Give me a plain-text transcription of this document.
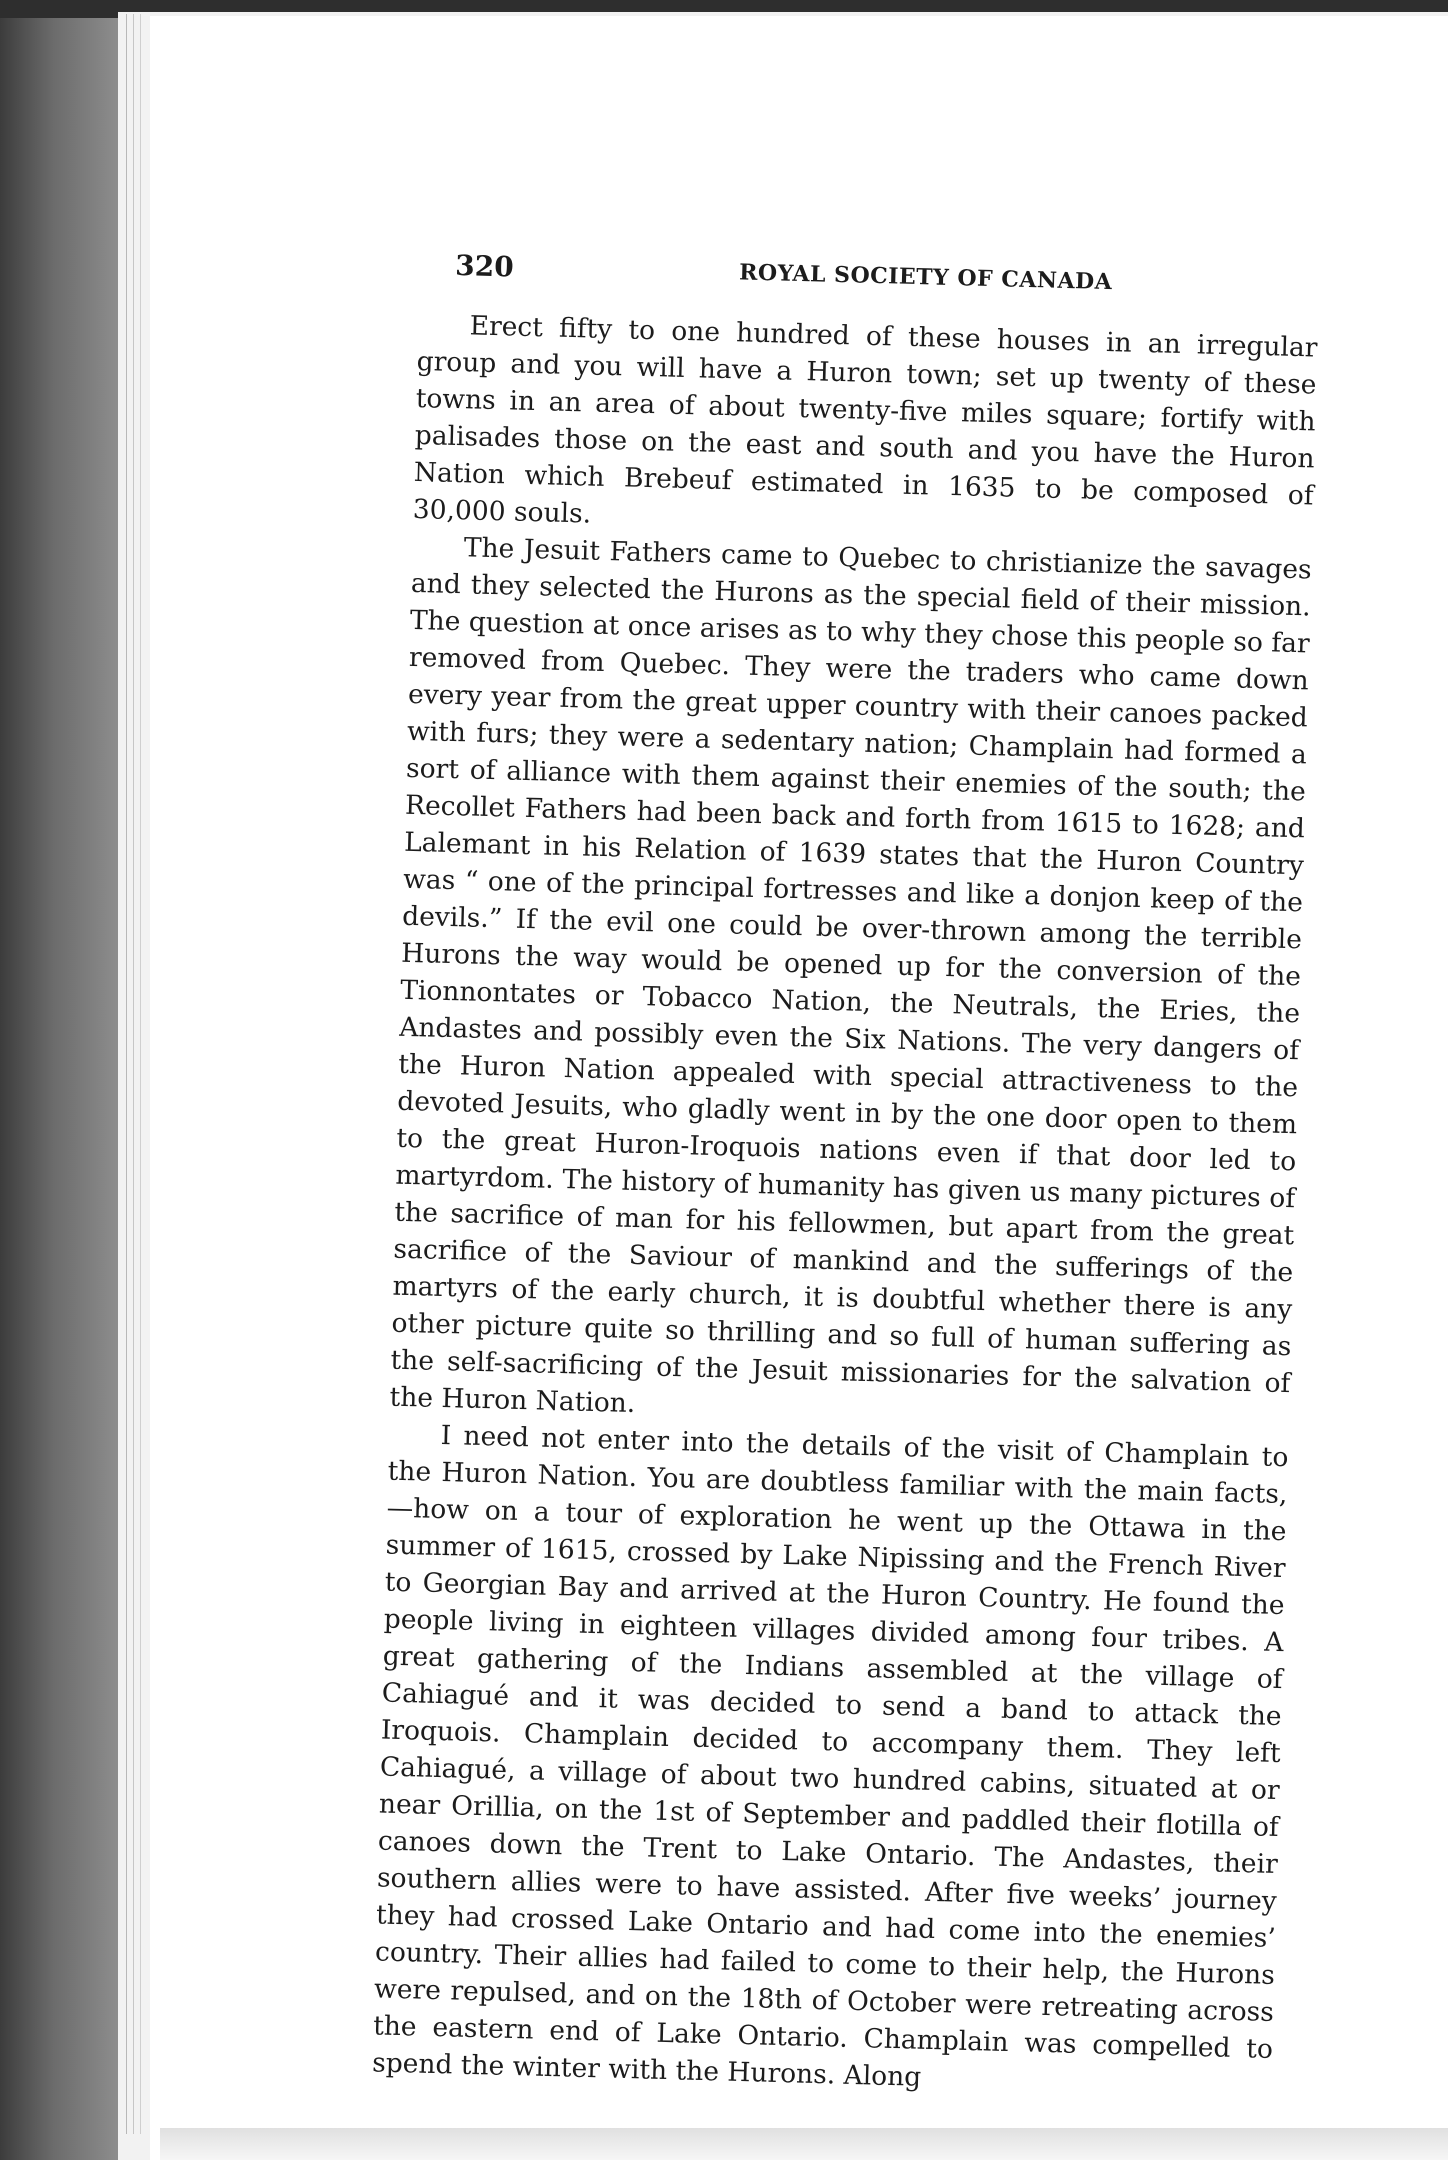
320	ROYAL SOCIETY OF CANADA

Erect fifty to one hundred of these houses in an irregular group and you will have a Huron town; set up twenty of these towns in an area of about twenty-five miles square; fortify with palisades those on the east and south and you have the Huron Nation which Brebeuf estimated in 1635 to be composed of 30,000 souls.

The Jesuit Fathers came to Quebec to christianize the savages and they selected the Hurons as the special field of their mission. The question at once arises as to why they chose this people so far removed from Quebec. They were the traders who came down every year from the great upper country with their canoes packed with furs; they were a sedentary nation; Champlain had formed a sort of alliance with them against their enemies of the south; the Recollet Fathers had been back and forth from 1615 to 1628; and Lalemant in his Relation of 1639 states that the Huron Country was “ one of the principal fortresses and like a donjon keep of the devils.” If the evil one could be over-thrown among the terrible Hurons the way would be opened up for the conversion of the Tionnontates or Tobacco Nation, the Neutrals, the Eries, the Andastes and possibly even the Six Nations. The very dangers of the Huron Nation appealed with special attractiveness to the devoted Jesuits, who gladly went in by the one door open to them to the great Huron-Iroquois nations even if that door led to martyrdom. The history of humanity has given us many pictures of the sacrifice of man for his fellowmen, but apart from the great sacrifice of the Saviour of mankind and the sufferings of the martyrs of the early church, it is doubtful whether there is any other picture quite so thrilling and so full of human suffering as the self-sacrificing of the Jesuit missionaries for the salvation of the Huron Nation.

I need not enter into the details of the visit of Champlain to the Huron Nation. You are doubtless familiar with the main facts,—how on a tour of exploration he went up the Ottawa in the summer of 1615, crossed by Lake Nipissing and the French River to Georgian Bay and arrived at the Huron Country. He found the people living in eighteen villages divided among four tribes. A great gathering of the Indians assembled at the village of Cahiagué and it was decided to send a band to attack the Iroquois. Champlain decided to accompany them. They left Cahiagué, a village of about two hundred cabins, situated at or near Orillia, on the 1st of September and paddled their flotilla of canoes down the Trent to Lake Ontario. The Andastes, their southern allies were to have assisted. After five weeks’ journey they had crossed Lake Ontario and had come into the enemies’ country. Their allies had failed to come to their help, the Hurons were repulsed, and on the 18th of October were retreating across the eastern end of Lake Ontario. Champlain was compelled to spend the winter with the Hurons. Along
